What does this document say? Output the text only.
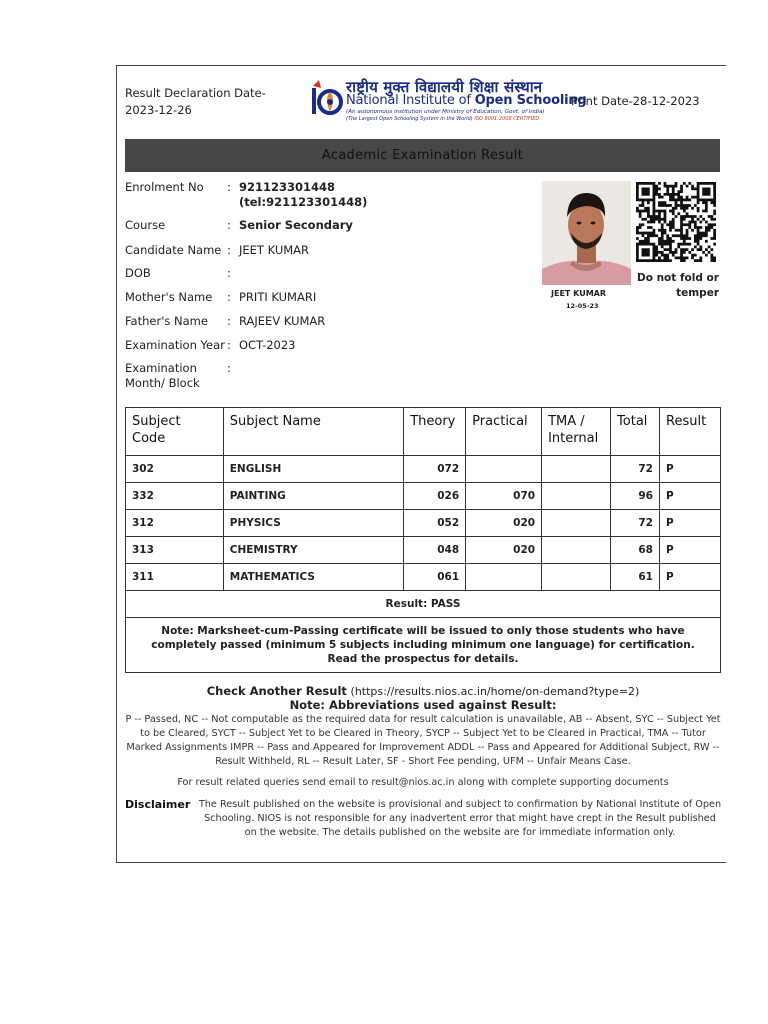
Result Declaration Date-
2023-12-26
राष्ट्रीय मुक्त विद्यालयी शिक्षा संस्थान
National Institute of Open Schooling
(An autonomous institution under Ministry of Education, Govt. of India)
(The Largest Open Schooling System in the World) ISO 9001:2008 CERTIFIED
Print Date-28-12-2023
Academic Examination Result
Enrolment No	: 921123301448
(tel:921123301448)
Course	: Senior Secondary
Candidate Name : JEET KUMAR
DOB	:
Mother's Name	: PRITI KUMARI
Father's Name	: RAJEEV KUMAR
Examination Year : OCT-2023
Examination
Month/ Block
:
JEET KUMAR
12-05-23
Do not fold or
temper
Subject
Code	Subject Name	Theory	Practical	TMA /
Internal	Total	Result
302	ENGLISH	072			72	P
332	PAINTING	026	070		96	P
312	PHYSICS	052	020		72	P
313	CHEMISTRY	048	020		68	P
311	MATHEMATICS	061			61	P
Result: PASS						
Note: Marksheet-cum-Passing certificate will be issued to only those students who have completely passed (minimum 5 subjects including minimum one language) for certification. Read the prospectus for details.						
Check Another Result (https://results.nios.ac.in/home/on-demand?type=2)
Note: Abbreviations used against Result:
P -- Passed, NC -- Not computable as the required data for result calculation is unavailable, AB -- Absent, SYC -- Subject Yet to be Cleared, SYCT -- Subject Yet to be Cleared in Theory, SYCP -- Subject Yet to be Cleared in Practical, TMA -- Tutor Marked Assignments IMPR -- Pass and Appeared for Improvement ADDL -- Pass and Appeared for Additional Subject, RW -- Result Withheld, RL -- Result Later, SF - Short Fee pending, UFM -- Unfair Means Case.
For result related queries send email to result@nios.ac.in along with complete supporting documents
Disclaimer The Result published on the website is provisional and subject to confirmation by National Institute of Open Schooling. NIOS is not responsible for any inadvertent error that might have crept in the Result published on the website. The details published on the website are for immediate information only.
